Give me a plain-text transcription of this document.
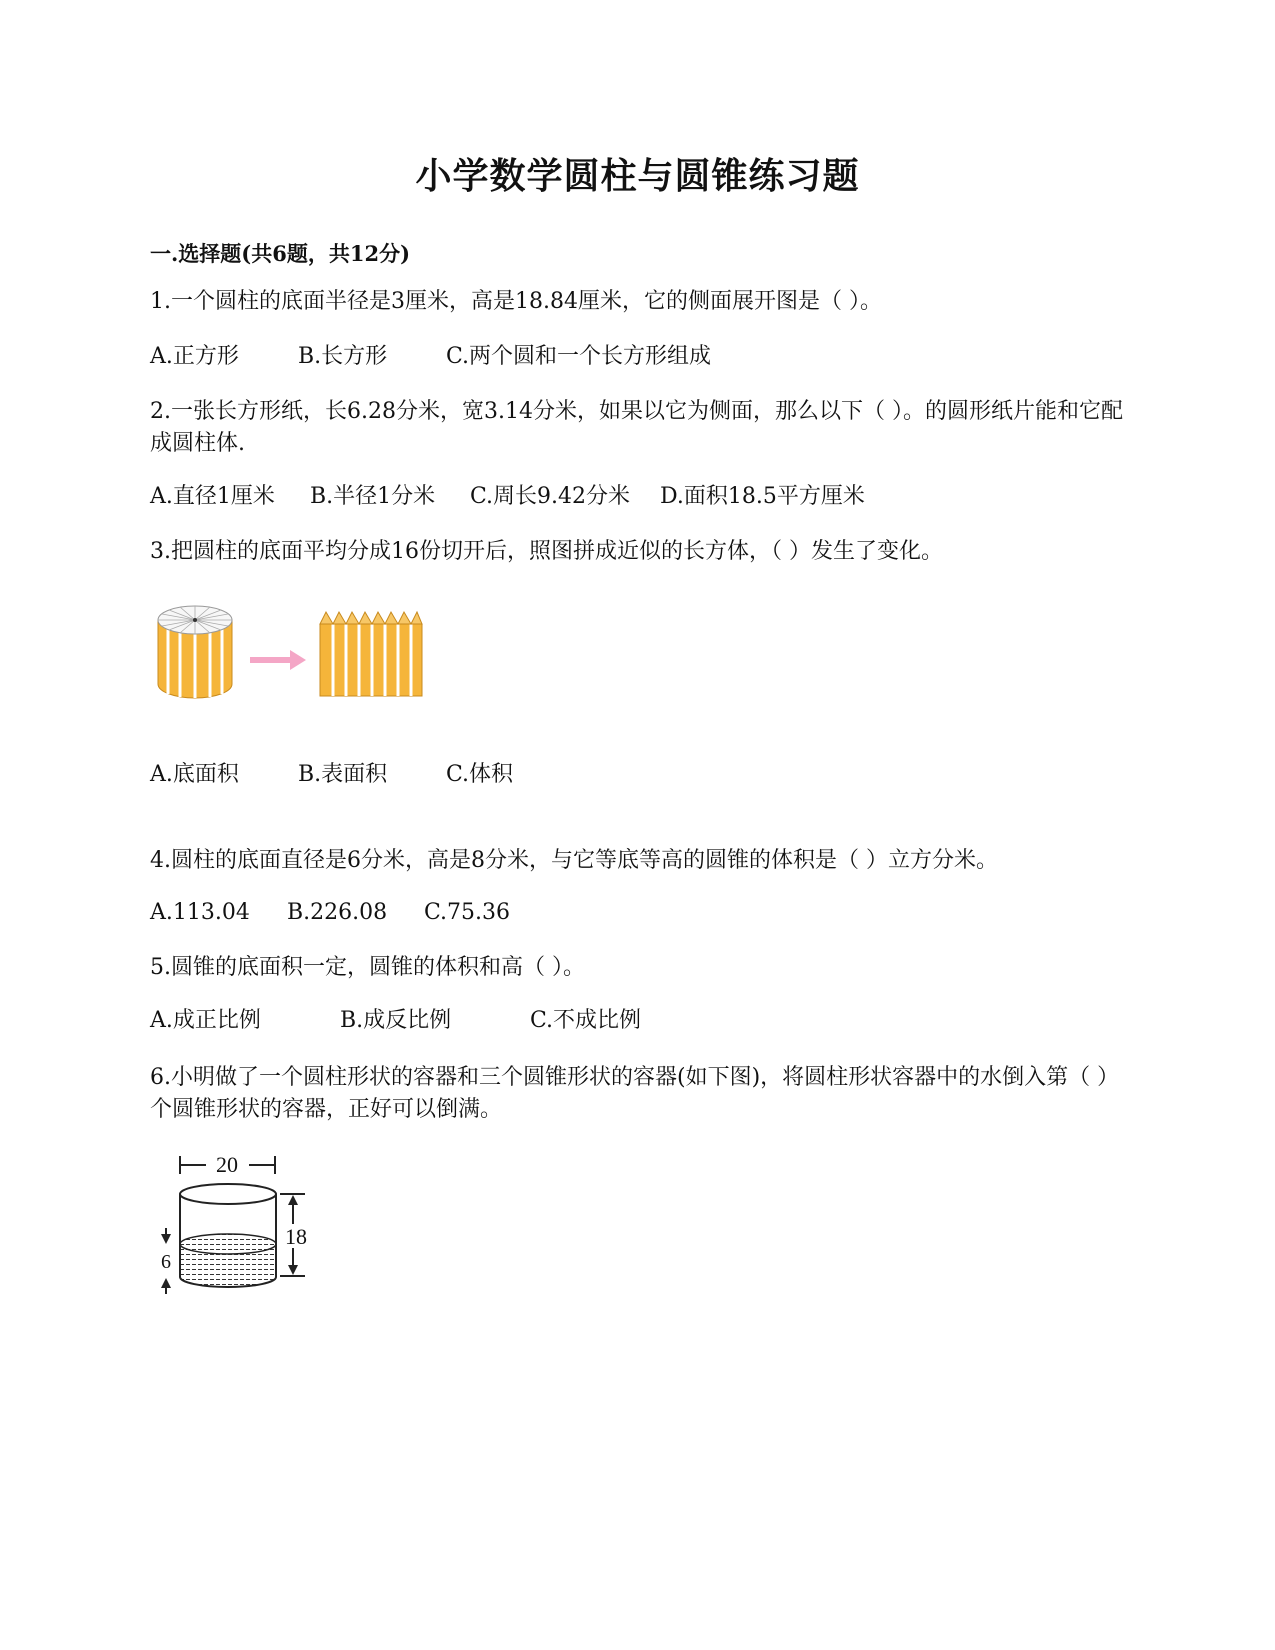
小学数学圆柱与圆锥练习题
一.选择题(共6题，共12分)
1.一个圆柱的底面半径是3厘米，高是18.84厘米，它的侧面展开图是（ ）。
A.正方形	B.长方形	C.两个圆和一个长方形组成
2.一张长方形纸，长6.28分米，宽3.14分米，如果以它为侧面，那么以下（ ）。的圆形纸片能和它配成圆柱体.
A.直径1厘米 B.半径1分米 C.周长9.42分米 D.面积18.5平方厘米
3.把圆柱的底面平均分成16份切开后，照图拼成近似的长方体，（ ）发生了变化。
A.底面积	B.表面积	C.体积
4.圆柱的底面直径是6分米，高是8分米，与它等底等高的圆锥的体积是（ ）立方分米。
A.113.04 B.226.08 C.75.36
5.圆锥的底面积一定，圆锥的体积和高（ ）。
A.成正比例	B.成反比例	C.不成比例
6.小明做了一个圆柱形状的容器和三个圆锥形状的容器(如下图)，将圆柱形状容器中的水倒入第（ ）个圆锥形状的容器，正好可以倒满。
20
18
6
